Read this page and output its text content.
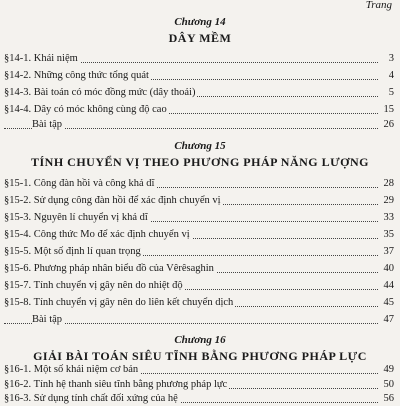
Trang
Chương 14
DÂY MỀM
§14-1. Khái niệm	3
§14-2. Những công thức tổng quát	4
§14-3. Bài toán có móc đồng mức (dây thoải)	5
§14-4. Dây có móc không cùng độ cao	15
Bài tập	26
Chương 15
TÍNH CHUYỂN VỊ THEO PHƯƠNG PHÁP NĂNG LƯỢNG
§15-1. Công đàn hồi và công khả dĩ	28
§15-2. Sử dụng công đàn hồi để xác định chuyển vị	29
§15-3. Nguyên lí chuyển vị khả dĩ	33
§15-4. Công thức Mo để xác định chuyển vị	35
§15-5. Một số định lí quan trọng	37
§15-6. Phương pháp nhân biểu đồ của Vêrêsaghin	40
§15-7. Tính chuyển vị gây nên do nhiệt độ	44
§15-8. Tính chuyển vị gây nên do liên kết chuyển dịch	45
Bài tập	47
Chương 16
GIẢI BÀI TOÁN SIÊU TĨNH BẰNG PHƯƠNG PHÁP LỰC
§16-1. Một số khái niệm cơ bản	49
§16-2. Tính hệ thanh siêu tĩnh bằng phương pháp lực	50
§16-3. Sử dụng tính chất đối xứng của hệ	56
